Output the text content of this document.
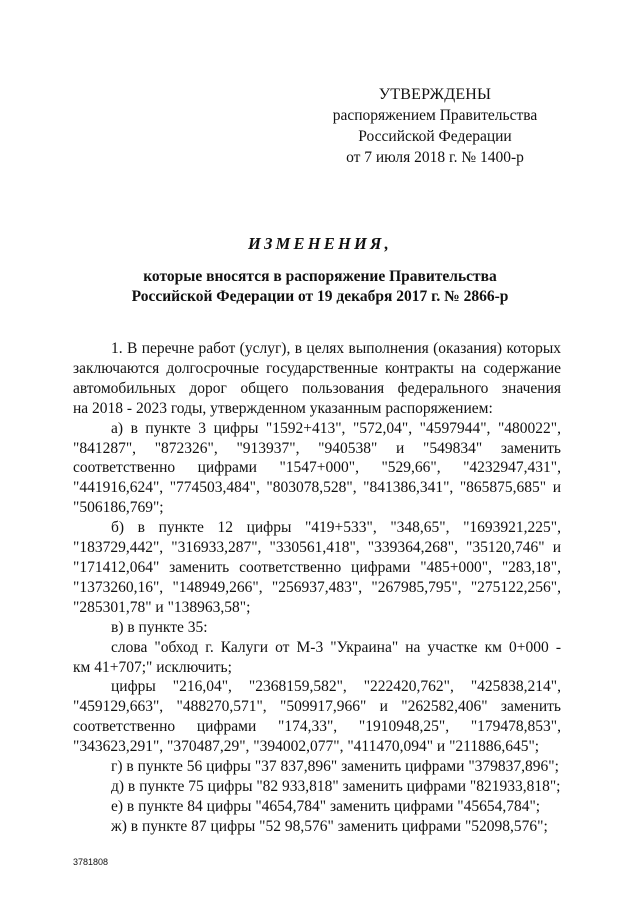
УТВЕРЖДЕНЫ
распоряжением Правительства
Российской Федерации
от 7 июля 2018 г. № 1400-р
ИЗМЕНЕНИЯ,
которые вносятся в распоряжение Правительства
Российской Федерации от 19 декабря 2017 г. № 2866-р
1. В перечне работ (услуг), в целях выполнения (оказания) которых
заключаются долгосрочные государственные контракты на содержание
автомобильных дорог общего пользования федерального значения
на 2018 - 2023 годы, утвержденном указанным распоряжением:
а) в пункте 3 цифры "1592+413", "572,04", "4597944", "480022",
"841287", "872326", "913937", "940538" и "549834" заменить
соответственно цифрами "1547+000", "529,66", "4232947,431",
"441916,624", "774503,484", "803078,528", "841386,341", "865875,685" и
"506186,769";
б) в пункте 12 цифры "419+533", "348,65", "1693921,225",
"183729,442", "316933,287", "330561,418", "339364,268", "35120,746" и
"171412,064" заменить соответственно цифрами "485+000", "283,18",
"1373260,16", "148949,266", "256937,483", "267985,795", "275122,256",
"285301,78" и "138963,58";
в) в пункте 35:
слова "обход г. Калуги от М-3 "Украина" на участке км 0+000 -
км 41+707;" исключить;
цифры "216,04", "2368159,582", "222420,762", "425838,214",
"459129,663", "488270,571", "509917,966" и "262582,406" заменить
соответственно цифрами "174,33", "1910948,25", "179478,853",
"343623,291", "370487,29", "394002,077", "411470,094" и "211886,645";
г) в пункте 56 цифры "37 837,896" заменить цифрами "379837,896";
д) в пункте 75 цифры "82 933,818" заменить цифрами "821933,818";
е) в пункте 84 цифры "4654,784" заменить цифрами "45654,784";
ж) в пункте 87 цифры "52 98,576" заменить цифрами "52098,576";
3781808
